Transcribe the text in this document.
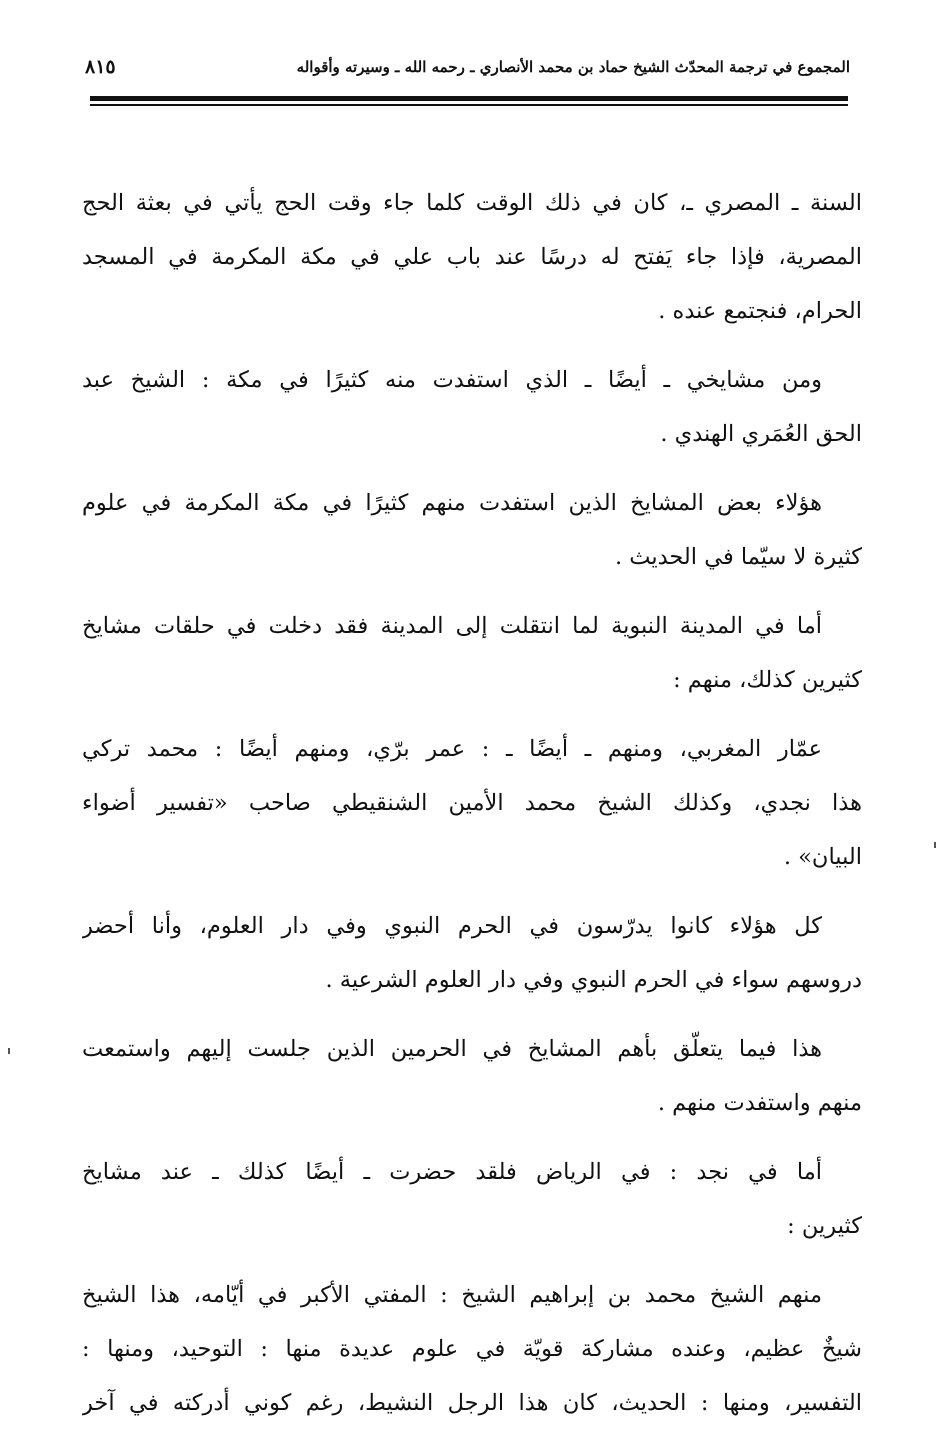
المجموع في ترجمة المحدّث الشيخ حماد بن محمد الأنصاري ـ رحمه الله ـ وسيرته وأقواله
٨١٥
السنة ـ المصري ـ، كان في ذلك الوقت كلما جاء وقت الحج يأتي في بعثة الحج
المصرية، فإذا جاء يَفتح له درسًا عند باب علي في مكة المكرمة في المسجد
الحرام، فنجتمع عنده .
ومن مشايخي ـ أيضًا ـ الذي استفدت منه كثيرًا في مكة : الشيخ عبد
الحق العُمَري الهندي .
هؤلاء بعض المشايخ الذين استفدت منهم كثيرًا في مكة المكرمة في علوم
كثيرة لا سيّما في الحديث .
أما في المدينة النبوية لما انتقلت إلى المدينة فقد دخلت في حلقات مشايخ
كثيرين كذلك، منهم :
عمّار المغربي، ومنهم ـ أيضًا ـ : عمر برّي، ومنهم أيضًا : محمد تركي
هذا نجدي، وكذلك الشيخ محمد الأمين الشنقيطي صاحب «تفسير أضواء
البيان» .
كل هؤلاء كانوا يدرّسون في الحرم النبوي وفي دار العلوم، وأنا أحضر
دروسهم سواء في الحرم النبوي وفي دار العلوم الشرعية .
هذا فيما يتعلّق بأهم المشايخ في الحرمين الذين جلست إليهم واستمعت
منهم واستفدت منهم .
أما في نجد : في الرياض فلقد حضرت ـ أيضًا كذلك ـ عند مشايخ
كثيرين :
منهم الشيخ محمد بن إبراهيم الشيخ : المفتي الأكبر في أيّامه، هذا الشيخ
شيخٌ عظيم، وعنده مشاركة قويّة في علوم عديدة منها : التوحيد، ومنها :
التفسير، ومنها : الحديث، كان هذا الرجل النشيط، رغم كوني أدركته في آخر
